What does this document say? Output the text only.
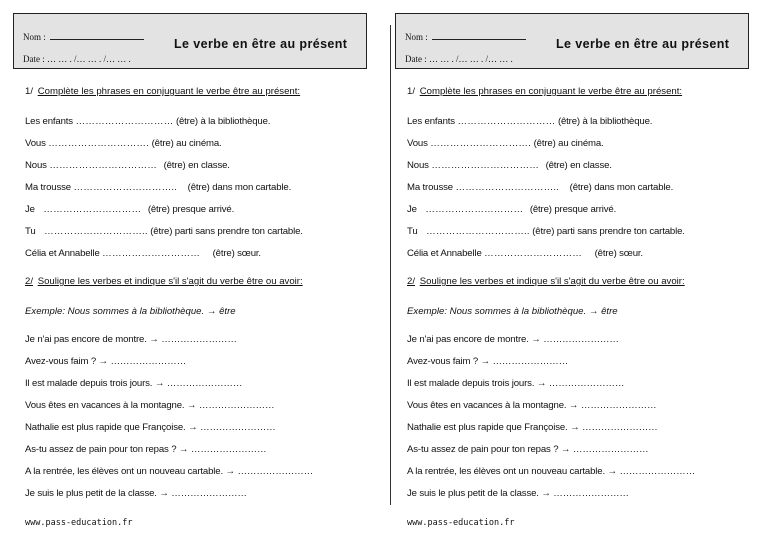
Nom :
Date : … … . /… … . /… … .
Le verbe en être au présent
1/ Complète les phrases en conjuguant le verbe être au présent:
Les enfants ………………………… (être) à la bibliothèque.
Vous …………………………. (être) au cinéma.
Nous …………………………… (être) en classe.
Ma trousse ………………………….. (être) dans mon cartable.
Je ………………………… (être) presque arrivé.
Tu ………………………….. (être) parti sans prendre ton cartable.
Célia et Annabelle ………………………… (être) sœur.
2/ Souligne les verbes et indique s'il s'agit du verbe être ou avoir:
Exemple: Nous sommes à la bibliothèque. → être
Je n'ai pas encore de montre. → ……………………
Avez-vous faim ? → ……………………
Il est malade depuis trois jours. → ……………………
Vous êtes en vacances à la montagne. → ……………………
Nathalie est plus rapide que Françoise. → ……………………
As-tu assez de pain pour ton repas ? → ……………………
A la rentrée, les élèves ont un nouveau cartable. → ……………………
Je suis le plus petit de la classe. → ……………………
www.pass-education.fr
Nom :
Date : … … . /… … . /… … .
Le verbe en être au présent
1/ Complète les phrases en conjuguant le verbe être au présent:
Les enfants ………………………… (être) à la bibliothèque.
Vous …………………………. (être) au cinéma.
Nous …………………………… (être) en classe.
Ma trousse ………………………….. (être) dans mon cartable.
Je ………………………… (être) presque arrivé.
Tu ………………………….. (être) parti sans prendre ton cartable.
Célia et Annabelle ………………………… (être) sœur.
2/ Souligne les verbes et indique s'il s'agit du verbe être ou avoir:
Exemple: Nous sommes à la bibliothèque. → être
Je n'ai pas encore de montre. → ……………………
Avez-vous faim ? → ……………………
Il est malade depuis trois jours. → ……………………
Vous êtes en vacances à la montagne. → ……………………
Nathalie est plus rapide que Françoise. → ……………………
As-tu assez de pain pour ton repas ? → ……………………
A la rentrée, les élèves ont un nouveau cartable. → ……………………
Je suis le plus petit de la classe. → ……………………
www.pass-education.fr
